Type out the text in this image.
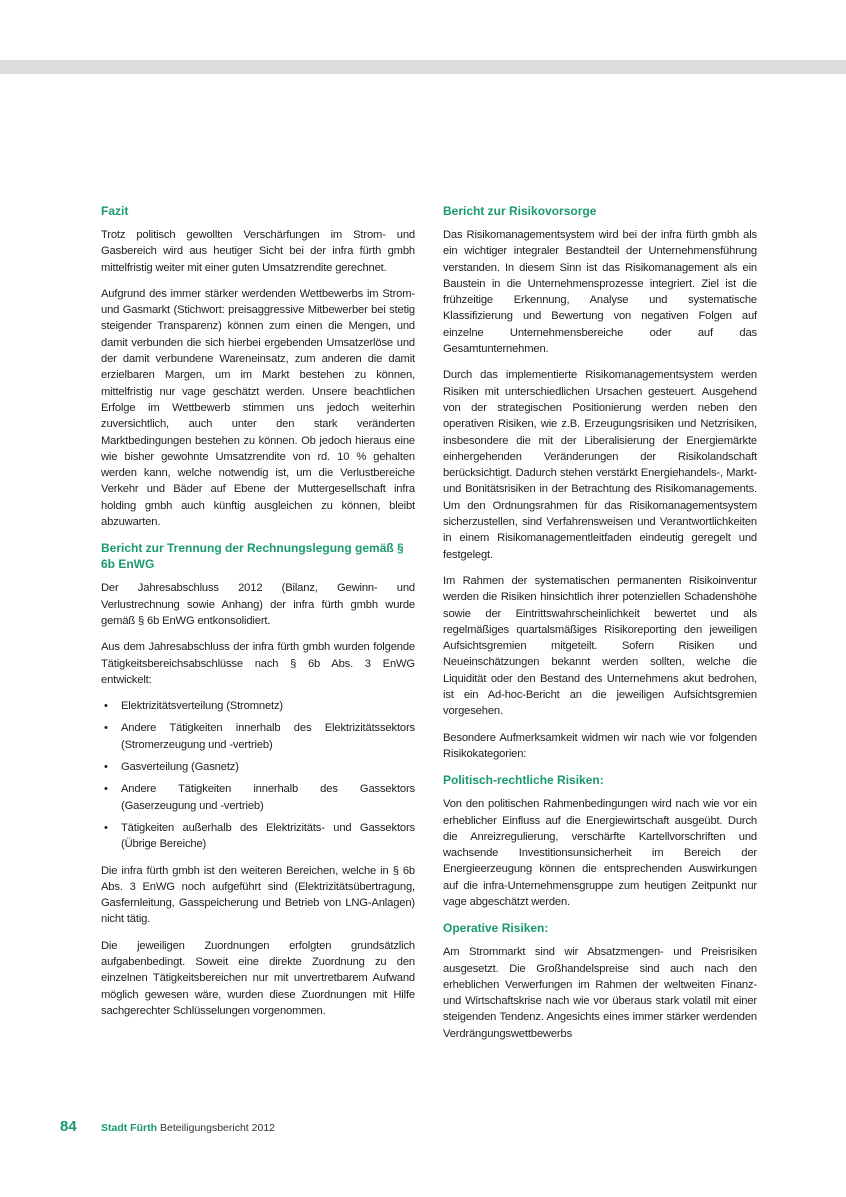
Fazit

Trotz politisch gewollten Verschärfungen im Strom- und Gasbereich wird aus heutiger Sicht bei der infra fürth gmbh mittelfristig weiter mit einer guten Umsatzrendite gerechnet.

Aufgrund des immer stärker werdenden Wettbewerbs im Strom- und Gasmarkt (Stichwort: preisaggressive Mitbewerber bei stetig steigender Transparenz) können zum einen die Mengen, und damit verbunden die sich hierbei ergebenden Umsatzerlöse und der damit verbundene Wareneinsatz, zum anderen die damit erzielbaren Margen, um im Markt bestehen zu können, mittelfristig nur vage geschätzt werden. Unsere beachtlichen Erfolge im Wettbewerb stimmen uns jedoch weiterhin zuversichtlich, auch unter den stark veränderten Marktbedingungen bestehen zu können. Ob jedoch hieraus eine wie bisher gewohnte Umsatzrendite von rd. 10 % gehalten werden kann, welche notwendig ist, um die Verlustbereiche Verkehr und Bäder auf Ebene der Muttergesellschaft infra holding gmbh auch künftig ausgleichen zu können, bleibt abzuwarten.

Bericht zur Trennung der Rechnungslegung gemäß § 6b EnWG

Der Jahresabschluss 2012 (Bilanz, Gewinn- und Verlustrechnung sowie Anhang) der infra fürth gmbh wurde gemäß § 6b EnWG entkonsolidiert.

Aus dem Jahresabschluss der infra fürth gmbh wurden folgende Tätigkeitsbereichsabschlüsse nach § 6b Abs. 3 EnWG entwickelt:

• Elektrizitätsverteilung (Stromnetz)
• Andere Tätigkeiten innerhalb des Elektrizitätssektors (Stromerzeugung und -vertrieb)
• Gasverteilung (Gasnetz)
• Andere Tätigkeiten innerhalb des Gassektors (Gaserzeugung und -vertrieb)
• Tätigkeiten außerhalb des Elektrizitäts- und Gassektors (Übrige Bereiche)

Die infra fürth gmbh ist den weiteren Bereichen, welche in § 6b Abs. 3 EnWG noch aufgeführt sind (Elektrizitätsübertragung, Gasfernleitung, Gasspeicherung und Betrieb von LNG-Anlagen) nicht tätig.

Die jeweiligen Zuordnungen erfolgten grundsätzlich aufgabenbedingt. Soweit eine direkte Zuordnung zu den einzelnen Tätigkeitsbereichen nur mit unvertretbarem Aufwand möglich gewesen wäre, wurden diese Zuordnungen mit Hilfe sachgerechter Schlüsselungen vorgenommen.

Bericht zur Risikovorsorge

Das Risikomanagementsystem wird bei der infra fürth gmbh als ein wichtiger integraler Bestandteil der Unternehmensführung verstanden. In diesem Sinn ist das Risikomanagement als ein Baustein in die Unternehmensprozesse integriert. Ziel ist die frühzeitige Erkennung, Analyse und systematische Klassifizierung und Bewertung von negativen Folgen auf einzelne Unternehmensbereiche oder auf das Gesamtunternehmen.

Durch das implementierte Risikomanagementsystem werden Risiken mit unterschiedlichen Ursachen gesteuert. Ausgehend von der strategischen Positionierung werden neben den operativen Risiken, wie z.B. Erzeugungsrisiken und Netzrisiken, insbesondere die mit der Liberalisierung der Energiemärkte einhergehenden Veränderungen der Risikolandschaft berücksichtigt. Dadurch stehen verstärkt Energiehandels-, Markt- und Bonitätsrisiken in der Betrachtung des Risikomanagements. Um den Ordnungsrahmen für das Risikomanagementsystem sicherzustellen, sind Verfahrensweisen und Verantwortlichkeiten in einem Risikomanagementleitfaden eindeutig geregelt und festgelegt.

Im Rahmen der systematischen permanenten Risikoinventur werden die Risiken hinsichtlich ihrer potenziellen Schadenshöhe sowie der Eintrittswahrscheinlichkeit bewertet und als regelmäßiges quartalsmäßiges Risikoreporting den jeweiligen Aufsichtsgremien mitgeteilt. Sofern Risiken und Neueinschätzungen bekannt werden sollten, welche die Liquidität oder den Bestand des Unternehmens akut bedrohen, ist ein Ad-hoc-Bericht an die jeweiligen Aufsichtsgremien vorgesehen.

Besondere Aufmerksamkeit widmen wir nach wie vor folgenden Risikokategorien:

Politisch-rechtliche Risiken:

Von den politischen Rahmenbedingungen wird nach wie vor ein erheblicher Einfluss auf die Energiewirtschaft ausgeübt. Durch die Anreizregulierung, verschärfte Kartellvorschriften und wachsende Investitionsunsicherheit im Bereich der Energieerzeugung können die entsprechenden Auswirkungen auf die infra-Unternehmensgruppe zum heutigen Zeitpunkt nur vage abgeschätzt werden.

Operative Risiken:

Am Strommarkt sind wir Absatzmengen- und Preisrisiken ausgesetzt. Die Großhandelspreise sind auch nach den erheblichen Verwerfungen im Rahmen der weltweiten Finanz- und Wirtschaftskrise nach wie vor überaus stark volatil mit einer steigenden Tendenz. Angesichts eines immer stärker werdenden Verdrängungswettbewerbs

84	Stadt Fürth Beteiligungsbericht 2012
